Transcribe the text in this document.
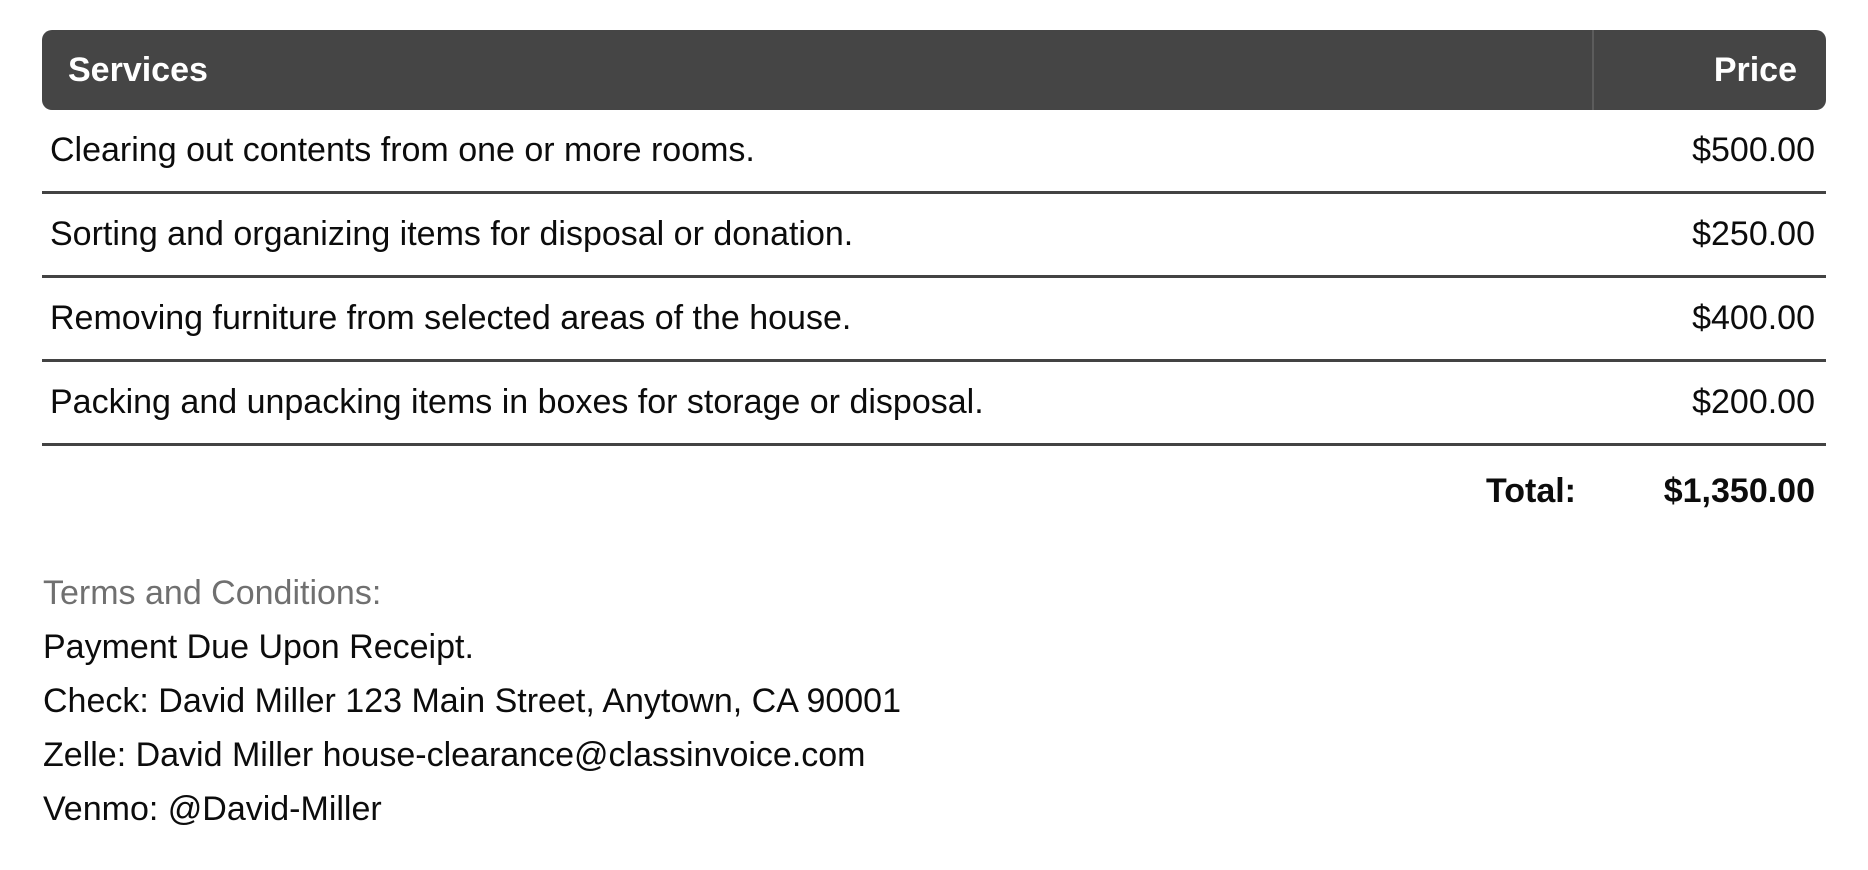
Services	Price
Clearing out contents from one or more rooms.	$500.00
Sorting and organizing items for disposal or donation.	$250.00
Removing furniture from selected areas of the house.	$400.00
Packing and unpacking items in boxes for storage or disposal.	$200.00
Total:	$1,350.00
Terms and Conditions:
Payment Due Upon Receipt.
Check: David Miller 123 Main Street, Anytown, CA 90001
Zelle: David Miller house-clearance@classinvoice.com
Venmo: @David-Miller
